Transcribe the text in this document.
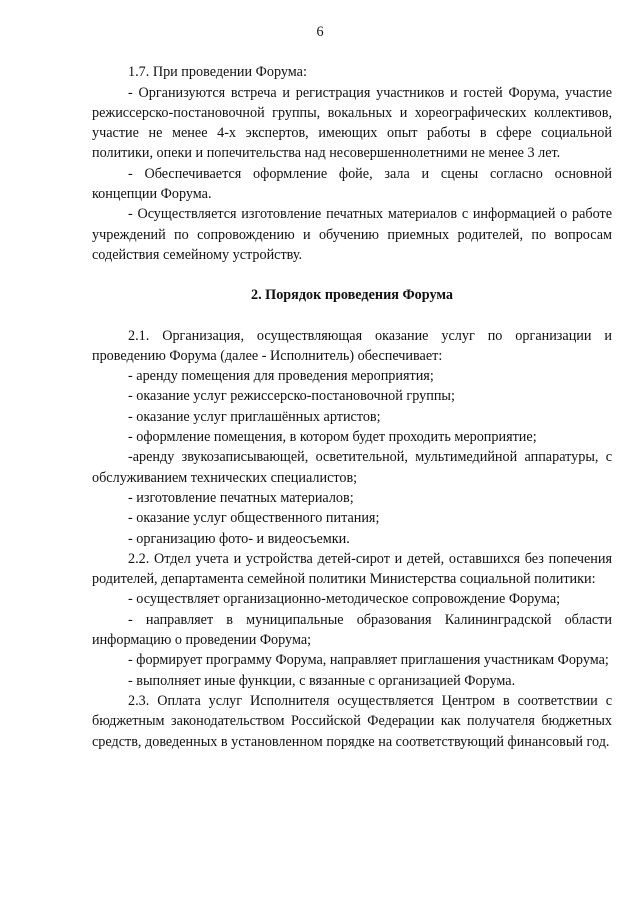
6

1.7. При проведении Форума:

- Организуются встреча и регистрация участников и гостей Форума, участие режиссерско-постановочной группы, вокальных и хореографических коллективов, участие не менее 4-х экспертов, имеющих опыт работы в сфере социальной политики, опеки и попечительства над несовершеннолетними не менее 3 лет.

- Обеспечивается оформление фойе, зала и сцены согласно основной концепции Форума.

- Осуществляется изготовление печатных материалов с информацией о работе учреждений по сопровождению и обучению приемных родителей, по вопросам содействия семейному устройству.

2. Порядок проведения Форума

2.1. Организация, осуществляющая оказание услуг по организации и проведению Форума (далее - Исполнитель) обеспечивает:

- аренду помещения для проведения мероприятия;

- оказание услуг режиссерско-постановочной группы;

- оказание услуг приглашённых артистов;

- оформление помещения, в котором будет проходить мероприятие;

-аренду звукозаписывающей, осветительной, мультимедийной аппаратуры, с обслуживанием технических специалистов;

- изготовление печатных материалов;

- оказание услуг общественного питания;

- организацию фото- и видеосъемки.

2.2. Отдел учета и устройства детей-сирот и детей, оставшихся без попечения родителей, департамента семейной политики Министерства социальной политики:

- осуществляет организационно-методическое сопровождение Форума;

- направляет в муниципальные образования Калининградской области информацию о проведении Форума;

- формирует программу Форума, направляет приглашения участникам Форума;

- выполняет иные функции, с вязанные с организацией Форума.

2.3. Оплата услуг Исполнителя осуществляется Центром в соответствии с бюджетным законодательством Российской Федерации как получателя бюджетных средств, доведенных в установленном порядке на соответствующий финансовый год.
